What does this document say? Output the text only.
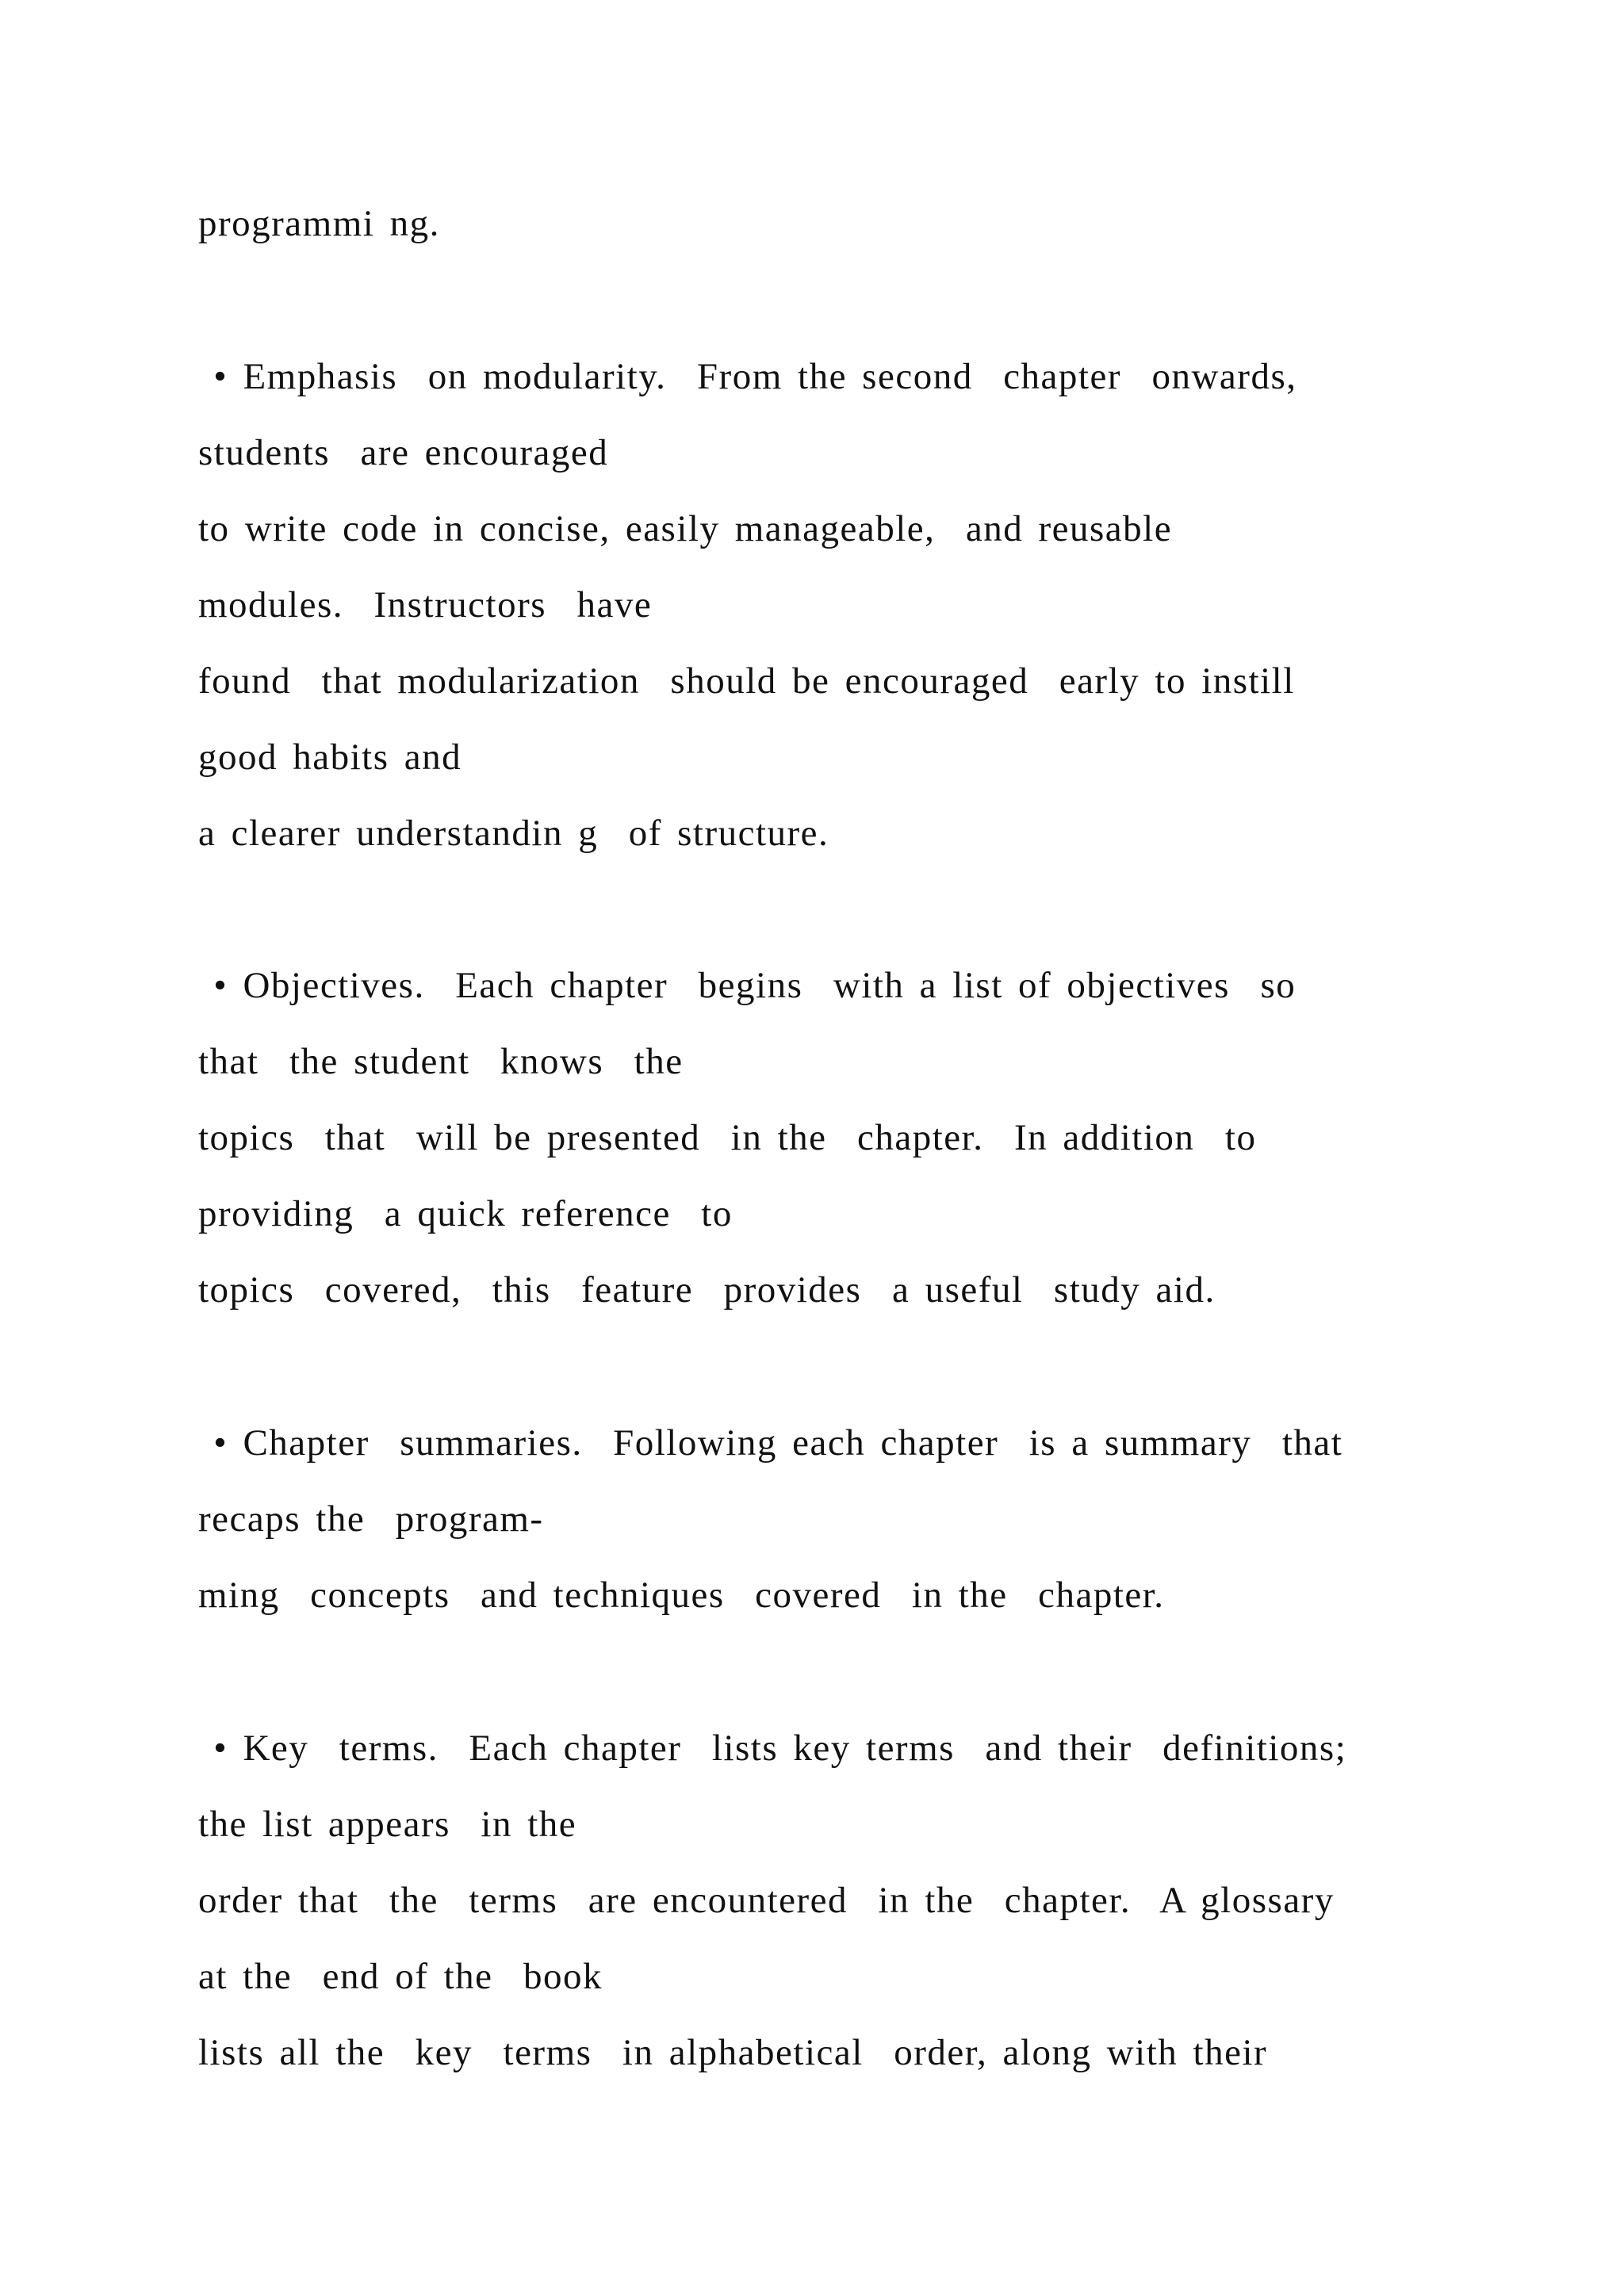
programmi ng.
• Emphasis  on modularity.  From the second  chapter  onwards,
students  are encouraged
to write code in concise, easily manageable,  and reusable
modules.  Instructors  have
found  that modularization  should be encouraged  early to instill
good habits and
a clearer understandin g  of structure.
• Objectives.  Each chapter  begins  with a list of objectives  so
that  the student  knows  the
topics  that  will be presented  in the  chapter.  In addition  to
providing  a quick reference  to
topics  covered,  this  feature  provides  a useful  study aid.
• Chapter  summaries.  Following each chapter  is a summary  that
recaps the  program-
ming  concepts  and techniques  covered  in the  chapter.
• Key  terms.  Each chapter  lists key terms  and their  definitions;
the list appears  in the
order that  the  terms  are encountered  in the  chapter.  A glossary
at the  end of the  book
lists all the  key  terms  in alphabetical  order, along with their
